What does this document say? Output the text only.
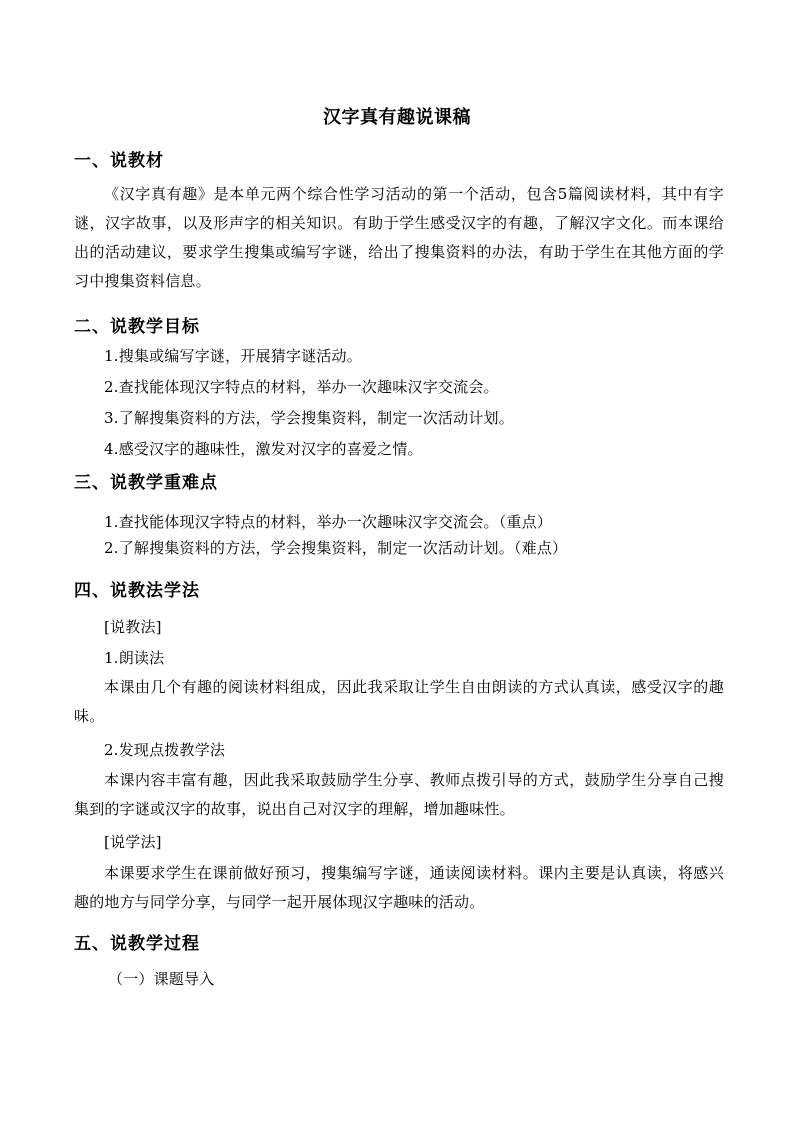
汉字真有趣说课稿
一、说教材
《汉字真有趣》是本单元两个综合性学习活动的第一个活动，包含5篇阅读材料，其中有字谜，汉字故事，以及形声字的相关知识。有助于学生感受汉字的有趣，了解汉字文化。而本课给出的活动建议，要求学生搜集或编写字谜，给出了搜集资料的办法，有助于学生在其他方面的学习中搜集资料信息。
二、说教学目标
1.搜集或编写字谜，开展猜字谜活动。
2.查找能体现汉字特点的材料，举办一次趣味汉字交流会。
3.了解搜集资料的方法，学会搜集资料，制定一次活动计划。
4.感受汉字的趣味性，激发对汉字的喜爱之情。
三、说教学重难点
1.查找能体现汉字特点的材料，举办一次趣味汉字交流会。（重点）
2.了解搜集资料的方法，学会搜集资料，制定一次活动计划。（难点）
四、说教法学法
[说教法]
1.朗读法
本课由几个有趣的阅读材料组成，因此我采取让学生自由朗读的方式认真读，感受汉字的趣味。
2.发现点拨教学法
本课内容丰富有趣，因此我采取鼓励学生分享、教师点拨引导的方式，鼓励学生分享自己搜集到的字谜或汉字的故事，说出自己对汉字的理解，增加趣味性。
[说学法]
本课要求学生在课前做好预习，搜集编写字谜，通读阅读材料。课内主要是认真读，将感兴趣的地方与同学分享，与同学一起开展体现汉字趣味的活动。
五、说教学过程
（一）课题导入
